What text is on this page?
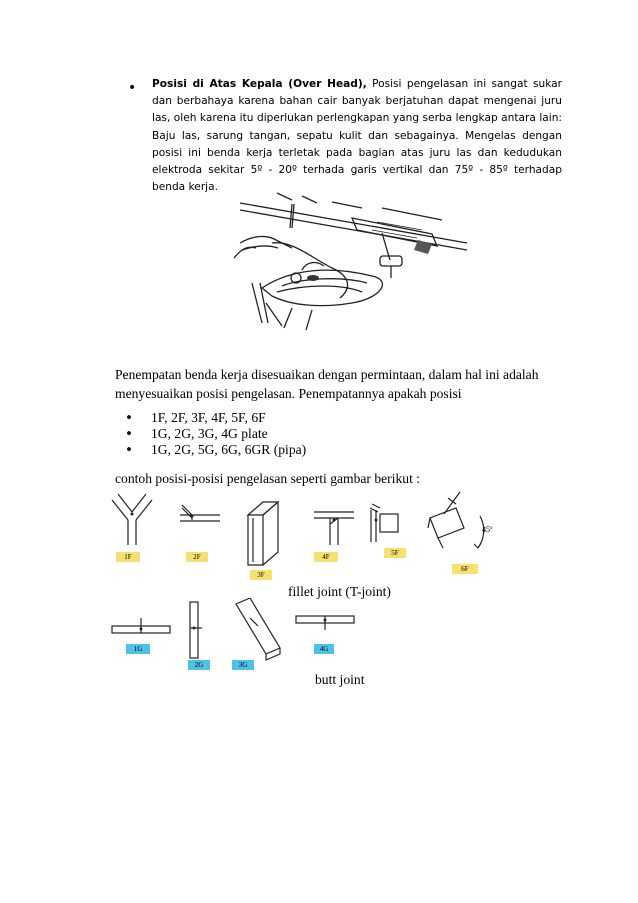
• Posisi di Atas Kepala (Over Head), Posisi pengelasan ini sangat sukar dan berbahaya karena bahan cair banyak berjatuhan dapat mengenai juru las, oleh karena itu diperlukan perlengkapan yang serba lengkap antara lain: Baju las, sarung tangan, sepatu kulit dan sebagainya. Mengelas dengan posisi ini benda kerja terletak pada bagian atas juru las dan kedudukan elektroda sekitar 5º - 20º terhada garis vertikal dan 75º - 85º terhadap benda kerja.
Penempatan benda kerja disesuaikan dengan permintaan, dalam hal ini adalah menyesuaikan posisi pengelasan. Penempatannya apakah posisi
• 1F, 2F, 3F, 4F, 5F, 6F
• 1G, 2G, 3G, 4G plate
• 1G, 2G, 5G, 6G, 6GR (pipa)
contoh posisi-posisi pengelasan seperti gambar berikut :
45º
1F	2F
3F
4F	5F
6F
fillet joint (T-joint)
1G
2G	3G
4G
butt joint
